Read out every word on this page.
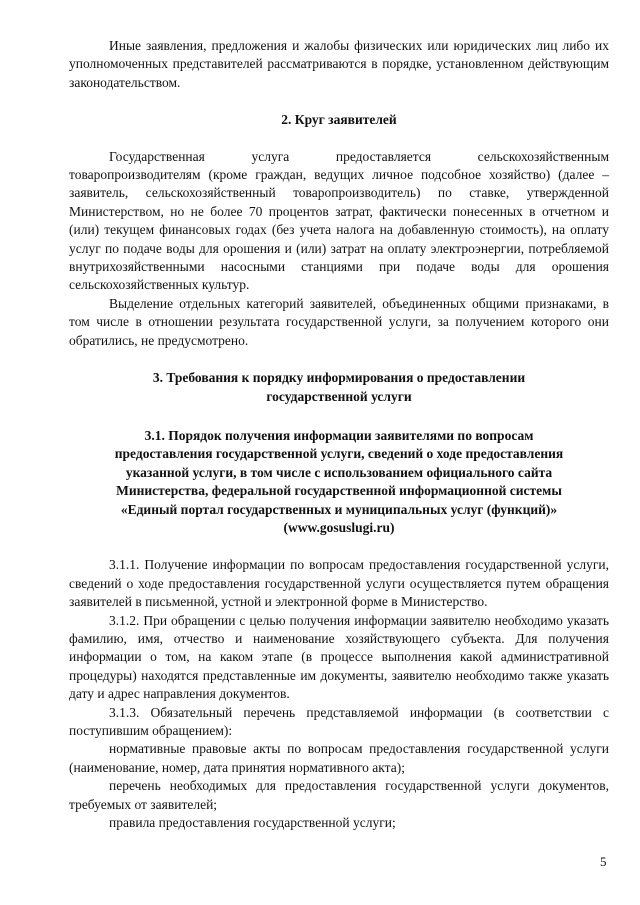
Иные заявления, предложения и жалобы физических или юридических лиц либо их уполномоченных представителей рассматриваются в порядке, установленном действующим законодательством.

2. Круг заявителей

Государственная услуга предоставляется сельскохозяйственным товаропроизводителям (кроме граждан, ведущих личное подсобное хозяйство) (далее – заявитель, сельскохозяйственный товаропроизводитель) по ставке, утвержденной Министерством, но не более 70 процентов затрат, фактически понесенных в отчетном и (или) текущем финансовых годах (без учета налога на добавленную стоимость), на оплату услуг по подаче воды для орошения и (или) затрат на оплату электроэнергии, потребляемой внутрихозяйственными насосными станциями при подаче воды для орошения сельскохозяйственных культур.

Выделение отдельных категорий заявителей, объединенных общими признаками, в том числе в отношении результата государственной услуги, за получением которого они обратились, не предусмотрено.

3. Требования к порядку информирования о предоставлении
государственной услуги
3.1. Порядок получения информации заявителями по вопросам
предоставления государственной услуги, сведений о ходе предоставления
указанной услуги, в том числе с использованием официального сайта
Министерства, федеральной государственной информационной системы
«Единый портал государственных и муниципальных услуг (функций)»
(www.gosuslugi.ru)

3.1.1. Получение информации по вопросам предоставления государственной услуги, сведений о ходе предоставления государственной услуги осуществляется путем обращения заявителей в письменной, устной и электронной форме в Министерство.

3.1.2. При обращении с целью получения информации заявителю необходимо указать фамилию, имя, отчество и наименование хозяйствующего субъекта. Для получения информации о том, на каком этапе (в процессе выполнения какой административной процедуры) находятся представленные им документы, заявителю необходимо также указать дату и адрес направления документов.

3.1.3. Обязательный перечень представляемой информации (в соответствии с поступившим обращением):

нормативные правовые акты по вопросам предоставления государственной услуги (наименование, номер, дата принятия нормативного акта);

перечень необходимых для предоставления государственной услуги документов, требуемых от заявителей;

правила предоставления государственной услуги;

5
